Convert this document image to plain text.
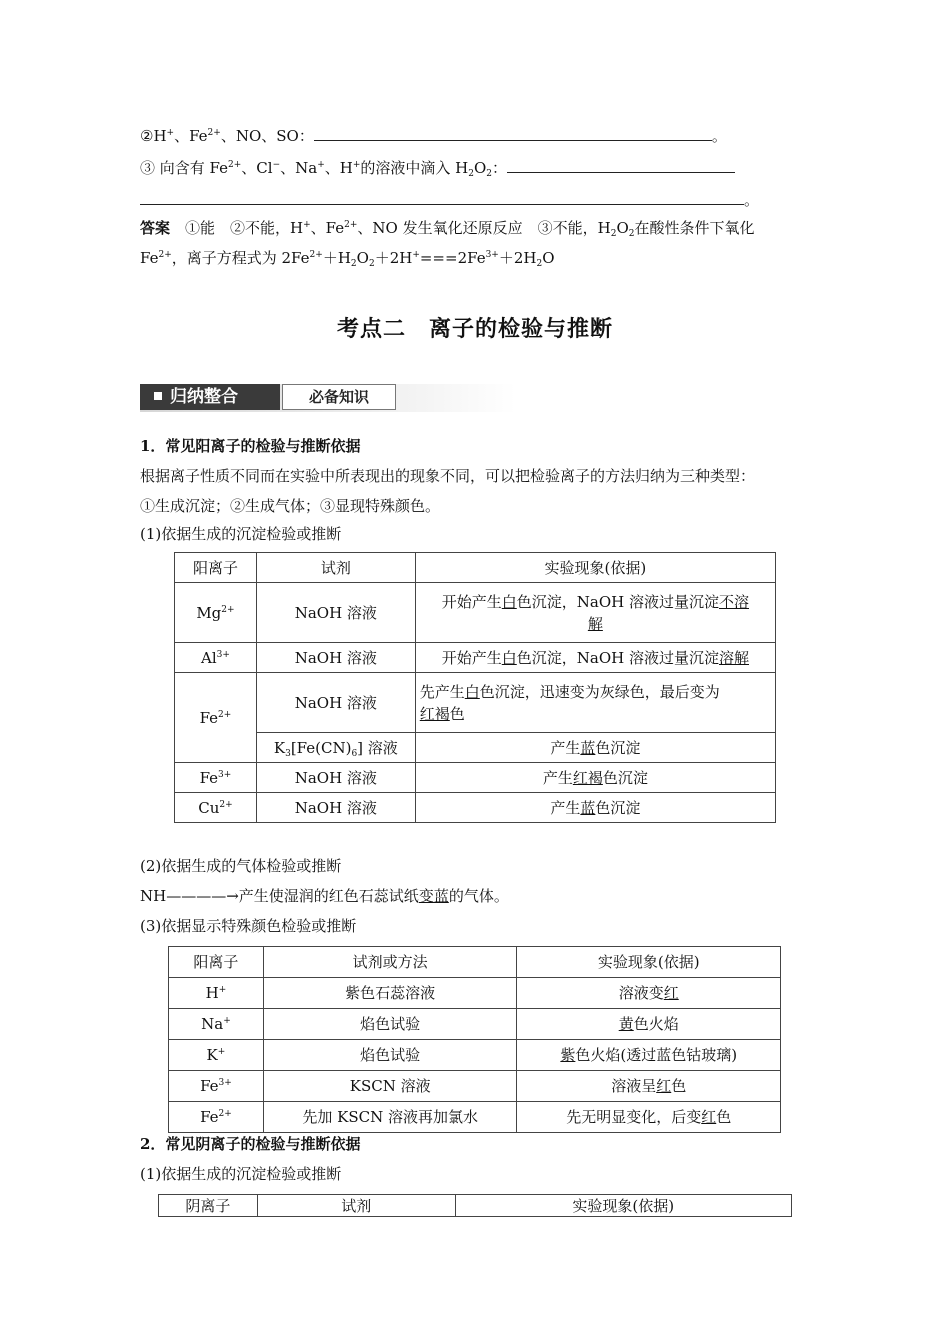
②H+、$Fe^{2+}$、NO、SO：	。
③ 向含有 $Fe^{2+}$、Cl−、Na+、H+的溶液中滴入 $H_2O_2$：
。
答案　 ①能　②不能，H+、$Fe^{2+}$、NO 发生氧化还原反应　③不能，$H_2O_2$在酸性条件下氧化
$Fe^{2+}$，离子方程式为 $2Fe^{2+}+H_2O_2+2H^+===2Fe^{3+}+2H_2O$
考点二　离子的检验与推断
归纳整合	必备知识
1．常见阳离子的检验与推断依据
根据离子性质不同而在实验中所表现出的现象不同，可以把检验离子的方法归纳为三种类型：
①生成沉淀；②生成气体；③显现特殊颜色。
(1)依据生成的沉淀检验或推断
阳离子	试剂	实验现象(依据)
$Mg^{2+}$	NaOH 溶液	开始产生白色沉淀，NaOH 溶液过量沉淀不溶
解
$Al^{3+}$	NaOH 溶液	开始产生白色沉淀，NaOH 溶液过量沉淀溶解
$Fe^{2+}$	NaOH 溶液	先产生白色沉淀，迅速变为灰绿色，最后变为
红褐色
	$K_3[Fe(CN)_6]$ 溶液	产生蓝色沉淀
$Fe^{3+}$	NaOH 溶液	产生红褐色沉淀
$Cu^{2+}$	NaOH 溶液	产生蓝色沉淀
(2)依据生成的气体检验或推断
NH————→产生使湿润的红色石蕊试纸变蓝的气体。
(3)依据显示特殊颜色检验或推断
阳离子	试剂或方法	实验现象(依据)
H+	紫色石蕊溶液	溶液变红
Na+	焰色试验	黄色火焰
K+	焰色试验	紫色火焰(透过蓝色钴玻璃)
$Fe^{3+}$	KSCN 溶液	溶液呈红色
$Fe^{2+}$	先加 KSCN 溶液再加氯水	先无明显变化，后变红色
2．常见阴离子的检验与推断依据
(1)依据生成的沉淀检验或推断
阴离子	试剂	实验现象(依据)
